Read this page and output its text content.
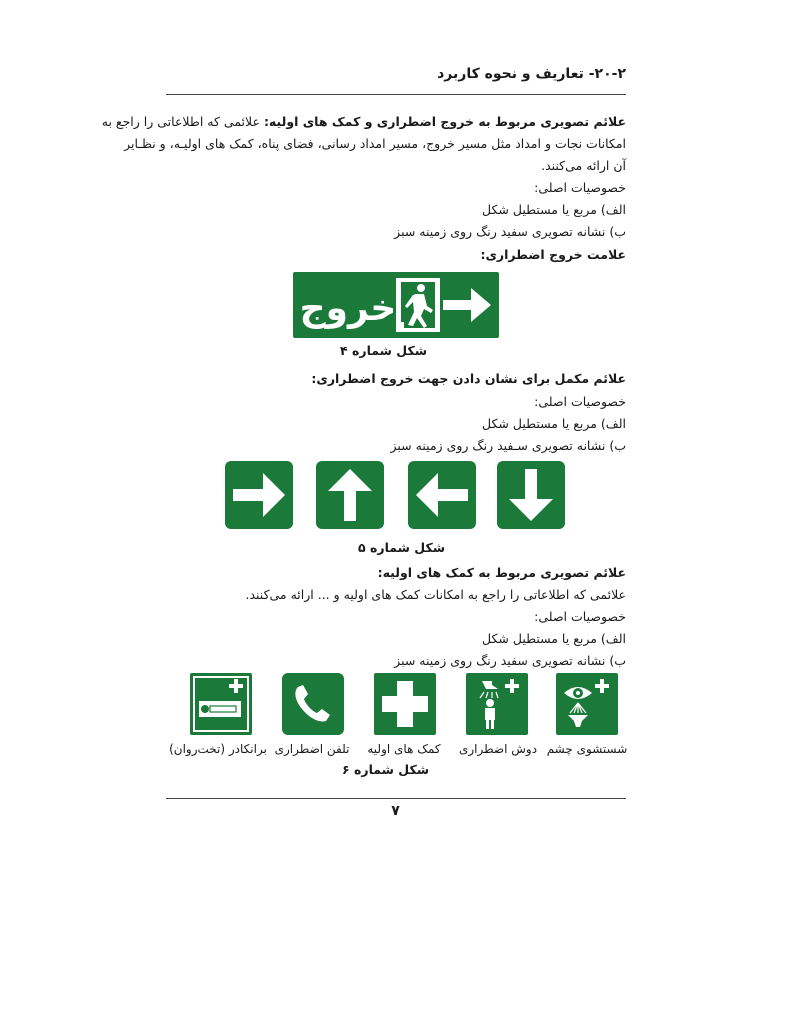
۲۰-۲- تعاریف و نحوه کاربرد
علائم تصویری مربوط به خروج اضطراری و کمک های اولیه: علائمی که اطلاعاتی را راجع به
امکانات نجات و امداد مثل مسیر خروج، مسیر امداد رسانی، فضای پناه، کمک های اولیـه، و نظـایر
آن ارائه می‌کنند.
خصوصیات اصلی:
الف) مربع یا مستطیل شکل
ب) نشانه تصویری سفید رنگ روی زمینه سبز
علامت خروج اضطراری:
خروج
شکل شماره ۴
علائم مکمل برای نشان دادن جهت خروج اضطراری:
خصوصیات اصلی:
الف) مربع یا مستطیل شکل
ب) نشانه تصویری سـفید رنگ روی زمینه سبز
شکل شماره ۵
علائم تصویری مربوط به کمک های اولیه:
علائمی که اطلاعاتی را راجع به امکانات کمک های اولیه و ... ارائه می‌کنند.
خصوصیات اصلی:
الف) مربع یا مستطیل شکل
ب) نشانه تصویری سفید رنگ روی زمینه سبز
برانکادر (تخت‌روان) تلفن اضطراری کمک های اولیه دوش اضطراری شستشوی چشم
شکل شماره ۶
۷
